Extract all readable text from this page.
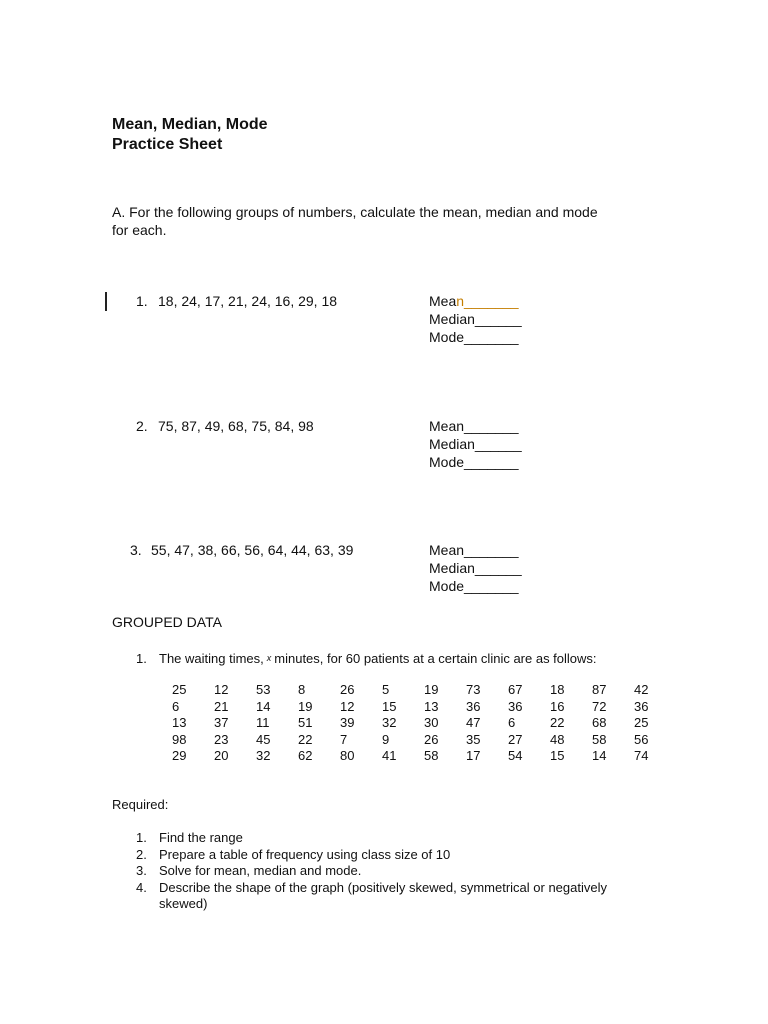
Mean, Median, Mode
Practice Sheet
A. For the following groups of numbers, calculate the mean, median and mode
for each.
1. 18, 24, 17, 21, 24, 16, 29, 18	Mean_______
Median______
Mode_______
2. 75, 87, 49, 68, 75, 84, 98	Mean_______
Median______
Mode_______
3. 55, 47, 38, 66, 56, 64, 44, 63, 39	Mean_______
Median______
Mode_______
GROUPED DATA
1. The waiting times, x minutes, for 60 patients at a certain clinic are as follows:
25	12	53	8	26	5	19	73	67	18	87	42
6	21	14	19	12	15	13	36	36	16	72	36
13	37	11	51	39	32	30	47	6	22	68	25
98	23	45	22	7	9	26	35	27	48	58	56
29	20	32	62	80	41	58	17	54	15	14	74
Required:
1. Find the range
2. Prepare a table of frequency using class size of 10
3. Solve for mean, median and mode.
4. Describe the shape of the graph (positively skewed, symmetrical or negatively skewed)
